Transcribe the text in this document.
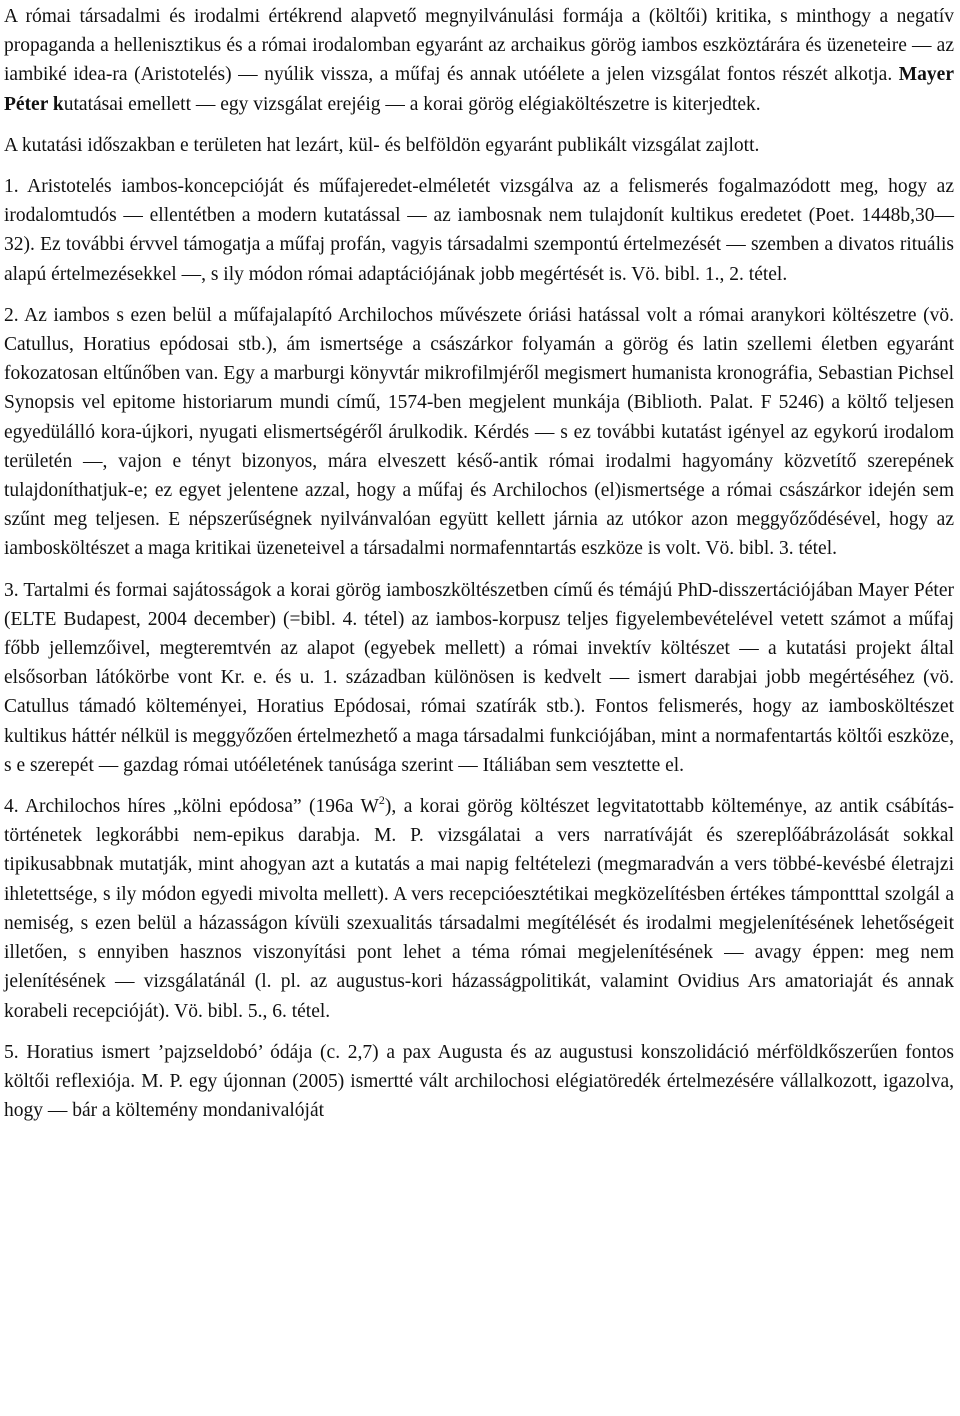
A római társadalmi és irodalmi értékrend alapvető megnyilvánulási formája a (költői) kritika, s minthogy a negatív propaganda a hellenisztikus és a római irodalomban egyaránt az archaikus görög iambos eszköztárára és üzeneteire — az iambiké idea-ra (Aristotelés) — nyúlik vissza, a műfaj és annak utóélete a jelen vizsgálat fontos részét alkotja. Mayer Péter kutatásai emellett — egy vizsgálat erejéig — a korai görög elégiaköltészetre is kiterjedtek.

A kutatási időszakban e területen hat lezárt, kül- és belföldön egyaránt publikált vizsgálat zajlott.

1. Aristotelés iambos-koncepcióját és műfajeredet-elméletét vizsgálva az a felismerés fogalmazódott meg, hogy az irodalomtudós — ellentétben a modern kutatással — az iambosnak nem tulajdonít kultikus eredetet (Poet. 1448b,30—32). Ez további érvvel támogatja a műfaj profán, vagyis társadalmi szempontú értelmezését — szemben a divatos rituális alapú értelmezésekkel —, s ily módon római adaptációjának jobb megértését is. Vö. bibl. 1., 2. tétel.

2. Az iambos s ezen belül a műfajalapító Archilochos művészete óriási hatással volt a római aranykori költészetre (vö. Catullus, Horatius epódosai stb.), ám ismertsége a császárkor folyamán a görög és latin szellemi életben egyaránt fokozatosan eltűnőben van. Egy a marburgi könyvtár mikrofilmjéről megismert humanista kronográfia, Sebastian Pichsel Synopsis vel epitome historiarum mundi című, 1574-ben megjelent munkája (Biblioth. Palat. F 5246) a költő teljesen egyedülálló kora-újkori, nyugati elismertségéről árulkodik. Kérdés — s ez további kutatást igényel az egykorú irodalom területén —, vajon e tényt bizonyos, mára elveszett késő-antik római irodalmi hagyomány közvetítő szerepének tulajdoníthatjuk-e; ez egyet jelentene azzal, hogy a műfaj és Archilochos (el)ismertsége a római császárkor idején sem szűnt meg teljesen. E népszerűségnek nyilvánvalóan együtt kellett járnia az utókor azon meggyőződésével, hogy az iambosköltészet a maga kritikai üzeneteivel a társadalmi normafenntartás eszköze is volt. Vö. bibl. 3. tétel.

3. Tartalmi és formai sajátosságok a korai görög iamboszköltészetben című és témájú PhD-disszertációjában Mayer Péter (ELTE Budapest, 2004 december) (=bibl. 4. tétel) az iambos-korpusz teljes figyelembevételével vetett számot a műfaj főbb jellemzőivel, megteremtvén az alapot (egyebek mellett) a római invektív költészet — a kutatási projekt által elsősorban látókörbe vont Kr. e. és u. 1. században különösen is kedvelt — ismert darabjai jobb megértéséhez (vö. Catullus támadó költeményei, Horatius Epódosai, római szatírák stb.). Fontos felismerés, hogy az iambosköltészet kultikus háttér nélkül is meggyőzően értelmezhető a maga társadalmi funkciójában, mint a normafentartás költői eszköze, s e szerepét — gazdag római utóéletének tanúsága szerint — Itáliában sem vesztette el.

4. Archilochos híres „kölni epódosa” (196a $W^2$), a korai görög költészet legvitatottabb költeménye, az antik csábítás-történetek legkorábbi nem-epikus darabja. M. P. vizsgálatai a vers narratíváját és szereplőábrázolását sokkal tipikusabbnak mutatják, mint ahogyan azt a kutatás a mai napig feltételezi (megmaradván a vers többé-kevésbé életrajzi ihletettsége, s ily módon egyedi mivolta mellett). A vers recepcióesztétikai megközelítésben értékes támpontttal szolgál a nemiség, s ezen belül a házasságon kívüli szexualitás társadalmi megítélését és irodalmi megjelenítésének lehetőségeit illetően, s ennyiben hasznos viszonyítási pont lehet a téma római megjelenítésének — avagy éppen: meg nem jelenítésének — vizsgálatánál (l. pl. az augustus-kori házasságpolitikát, valamint Ovidius Ars amatoriaját és annak korabeli recepcióját). Vö. bibl. 5., 6. tétel.

5. Horatius ismert ’pajzseldobó’ ódája (c. 2,7) a pax Augusta és az augustusi konszolidáció mérföldkőszerűen fontos költői reflexiója. M. P. egy újonnan (2005) ismertté vált archilochosi elégiatöredék értelmezésére vállalkozott, igazolva, hogy — bár a költemény mondanivalóját
